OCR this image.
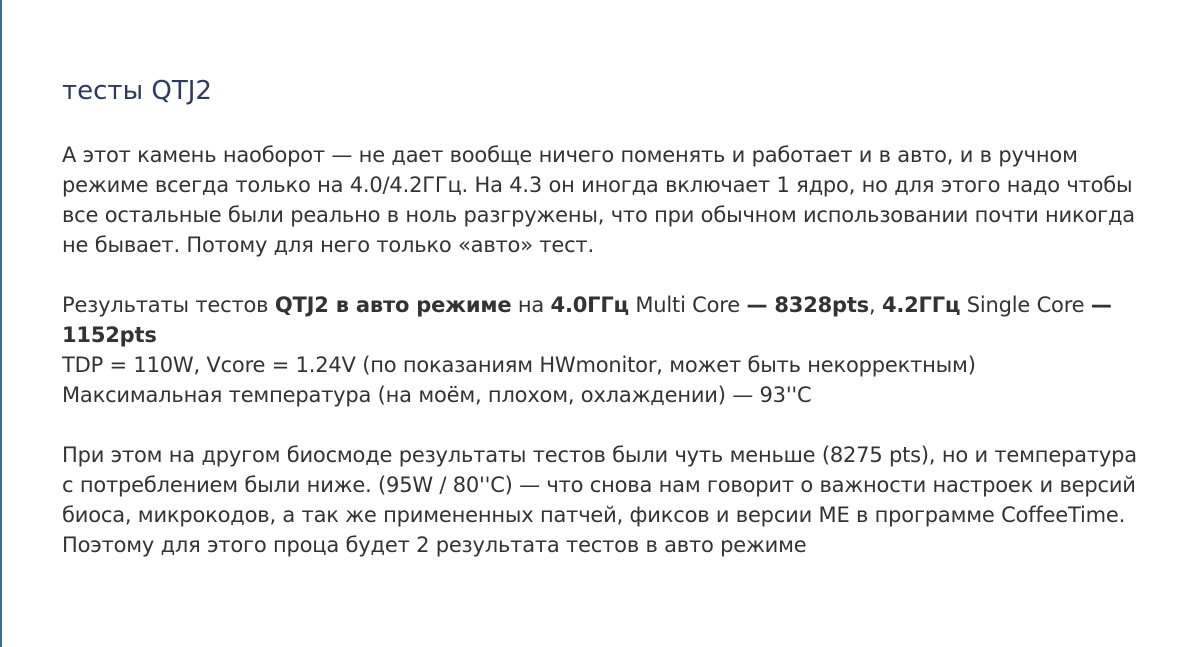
тесты QTJ2

А этот камень наоборот — не дает вообще ничего поменять и работает и в авто, и в ручном режиме всегда только на 4.0/4.2ГГц. На 4.3 он иногда включает 1 ядро, но для этого надо чтобы все остальные были реально в ноль разгружены, что при обычном использовании почти никогда не бывает. Потому для него только «авто» тест.

Результаты тестов QTJ2 в авто режиме на 4.0ГГц Multi Core — 8328pts, 4.2ГГц Single Core — 1152pts

TDP = 110W, Vcore = 1.24V (по показаниям HWmonitor, может быть некорректным)

Максимальная температура (на моём, плохом, охлаждении) — 93''C

При этом на другом биосмоде результаты тестов были чуть меньше (8275 pts), но и температура с потреблением были ниже. (95W / 80''C) — что снова нам говорит о важности настроек и версий биоса, микрокодов, а так же примененных патчей, фиксов и версии ME в программе CoffeeTime.

Поэтому для этого проца будет 2 результата тестов в авто режиме
